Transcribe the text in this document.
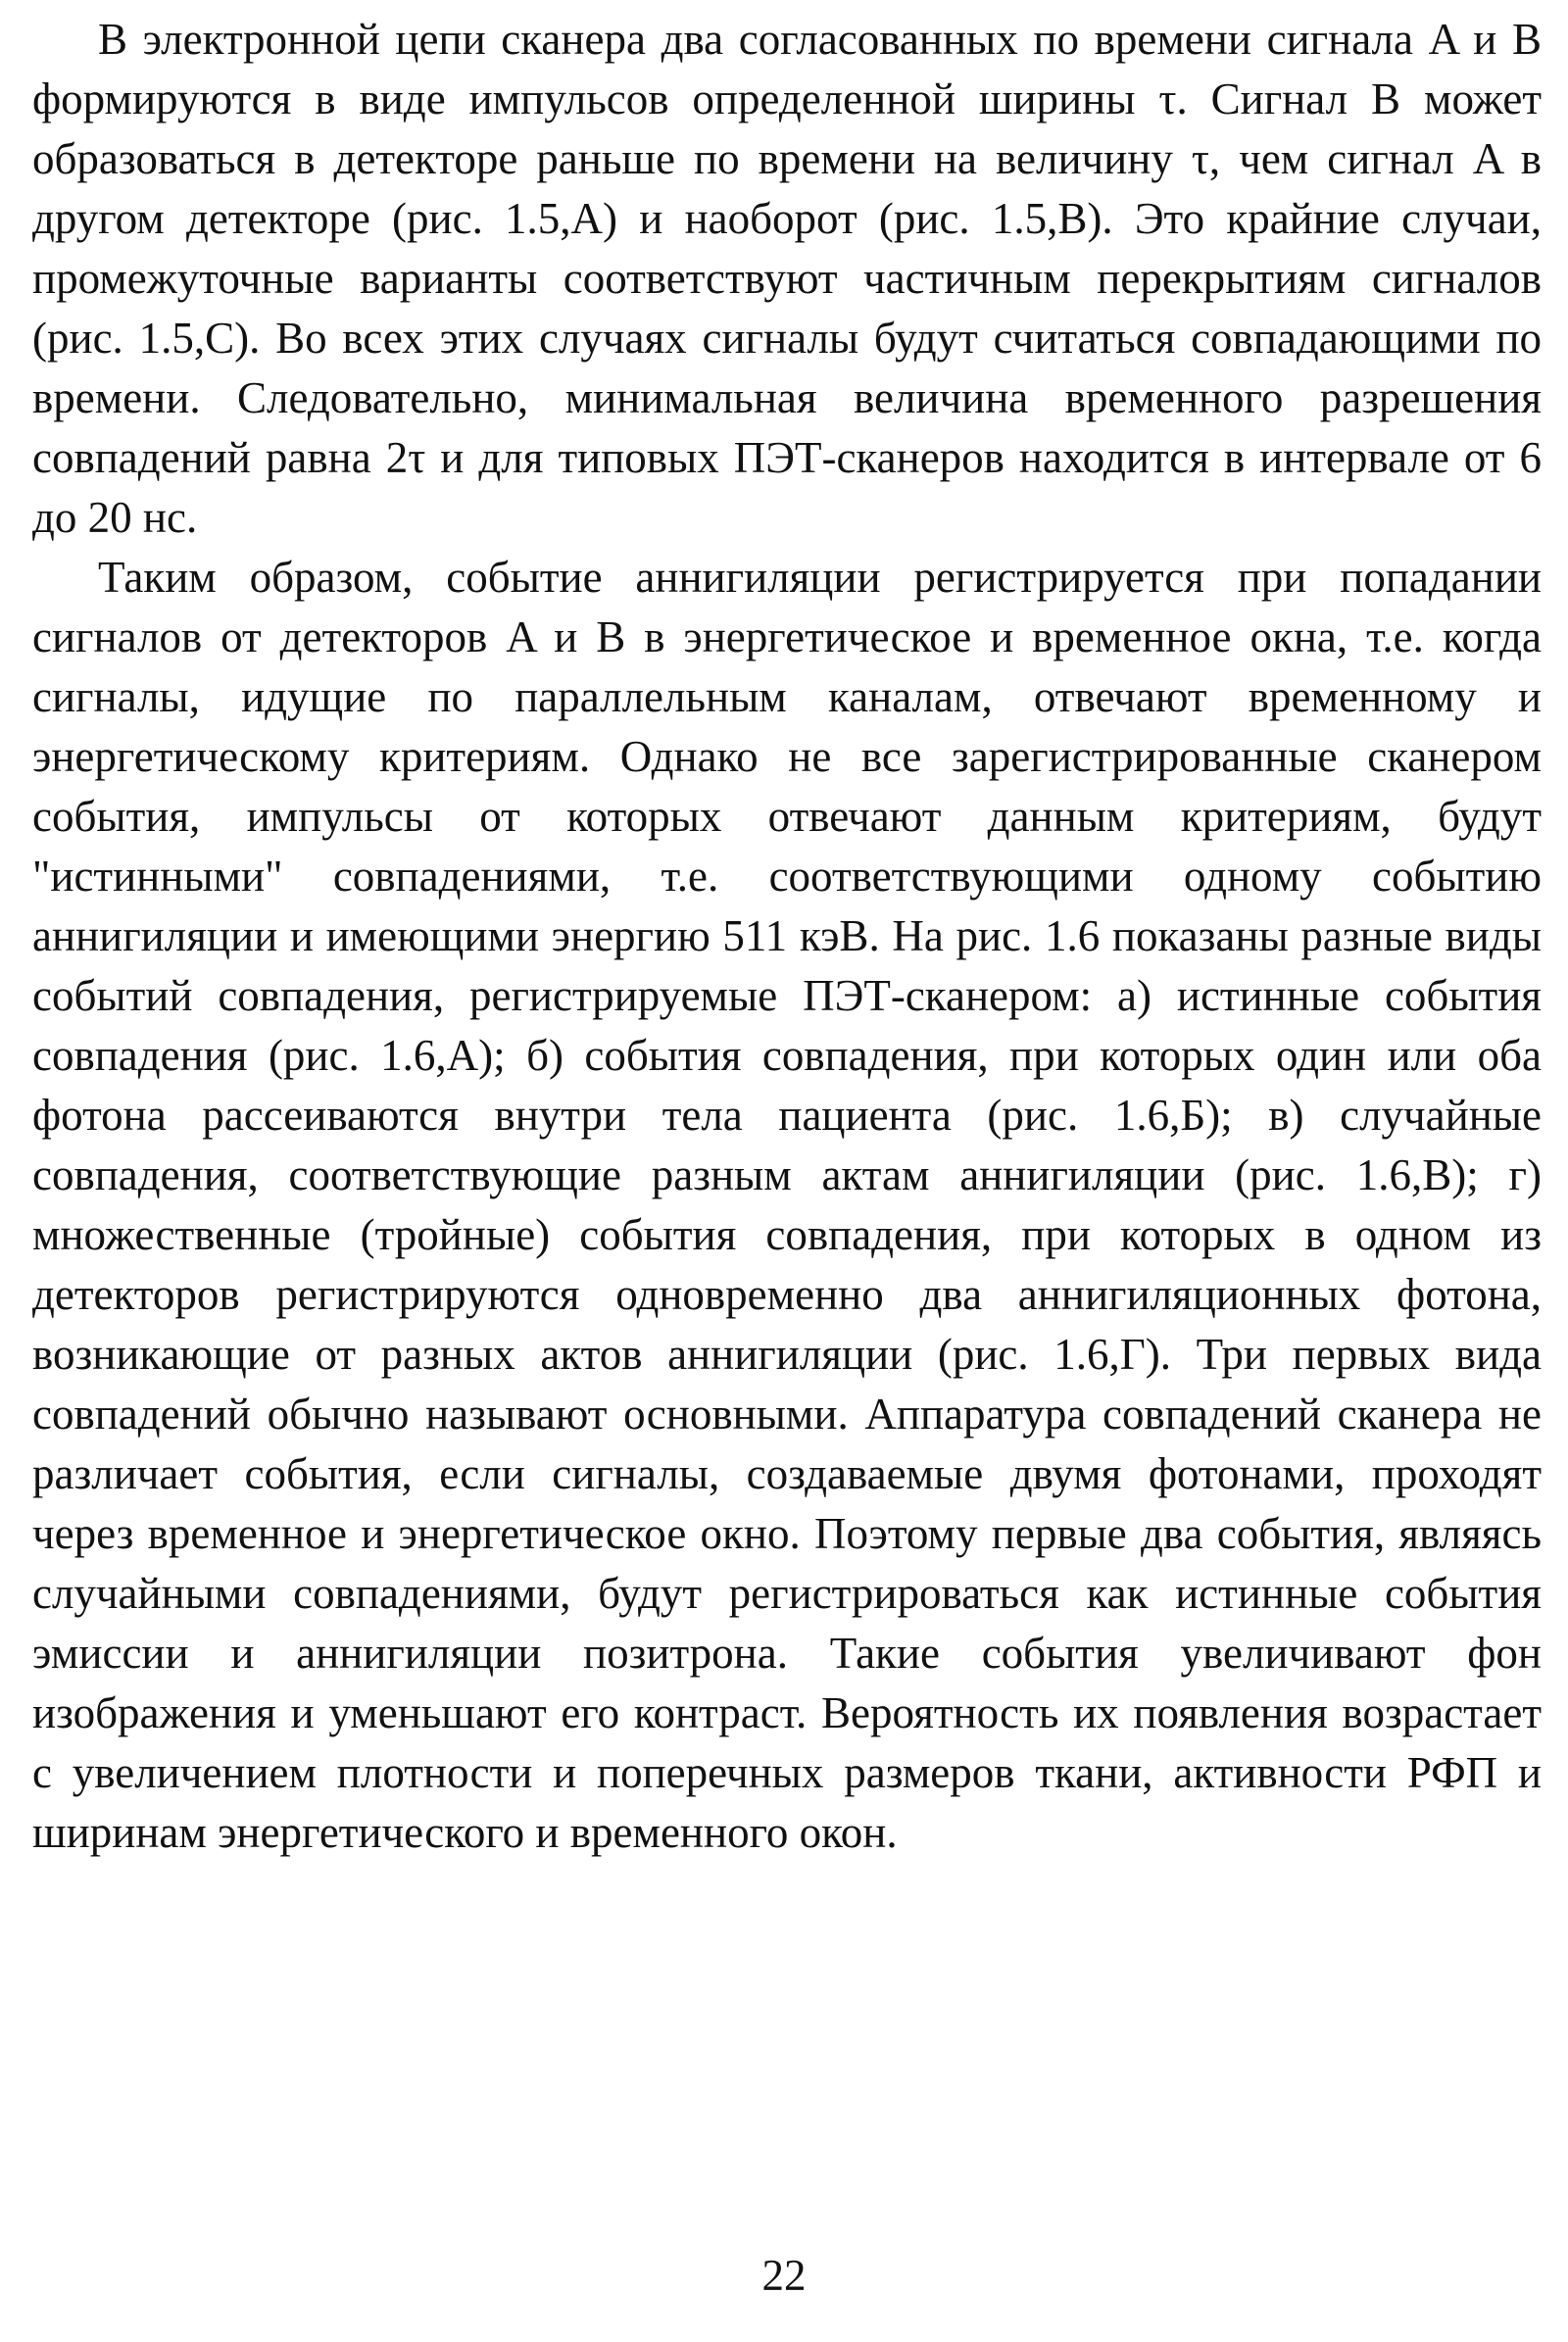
В электронной цепи сканера два согласованных по времени сигнала A и B формируются в виде импульсов определенной ширины τ. Сигнал B может образоваться в детекторе раньше по времени на величину τ, чем сигнал A в другом детекторе (рис. 1.5,A) и наоборот (рис. 1.5,B). Это крайние случаи, промежуточные варианты соответствуют частичным перекрытиям сигналов (рис. 1.5,C). Во всех этих случаях сигналы будут считаться совпадающими по времени. Следовательно, минимальная величина временного разрешения совпадений равна 2τ и для типовых ПЭТ-сканеров находится в интервале от 6 до 20 нс.

Таким образом, событие аннигиляции регистрируется при попадании сигналов от детекторов A и B в энергетическое и временное окна, т.е. когда сигналы, идущие по параллельным каналам, отвечают временному и энергетическому критериям. Однако не все зарегистрированные сканером события, импульсы от которых отвечают данным критериям, будут "истинными" совпадениями, т.е. соответствующими одному событию аннигиляции и имеющими энергию 511 кэВ. На рис. 1.6 показаны разные виды событий совпадения, регистрируемые ПЭТ-сканером: а) истинные события совпадения (рис. 1.6,A); б) события совпадения, при которых один или оба фотона рассеиваются внутри тела пациента (рис. 1.6,Б); в) случайные совпадения, соответствующие разным актам аннигиляции (рис. 1.6,B); г) множественные (тройные) события совпадения, при которых в одном из детекторов регистрируются одновременно два аннигиляционных фотона, возникающие от разных актов аннигиляции (рис. 1.6,Г). Три первых вида совпадений обычно называют основными. Аппаратура совпадений сканера не различает события, если сигналы, создаваемые двумя фотонами, проходят через временное и энергетическое окно. Поэтому первые два события, являясь случайными совпадениями, будут регистрироваться как истинные события эмиссии и аннигиляции позитрона. Такие события увеличивают фон изображения и уменьшают его контраст. Вероятность их появления возрастает с увеличением плотности и поперечных размеров ткани, активности РФП и ширинам энергетического и временного окон.

22
